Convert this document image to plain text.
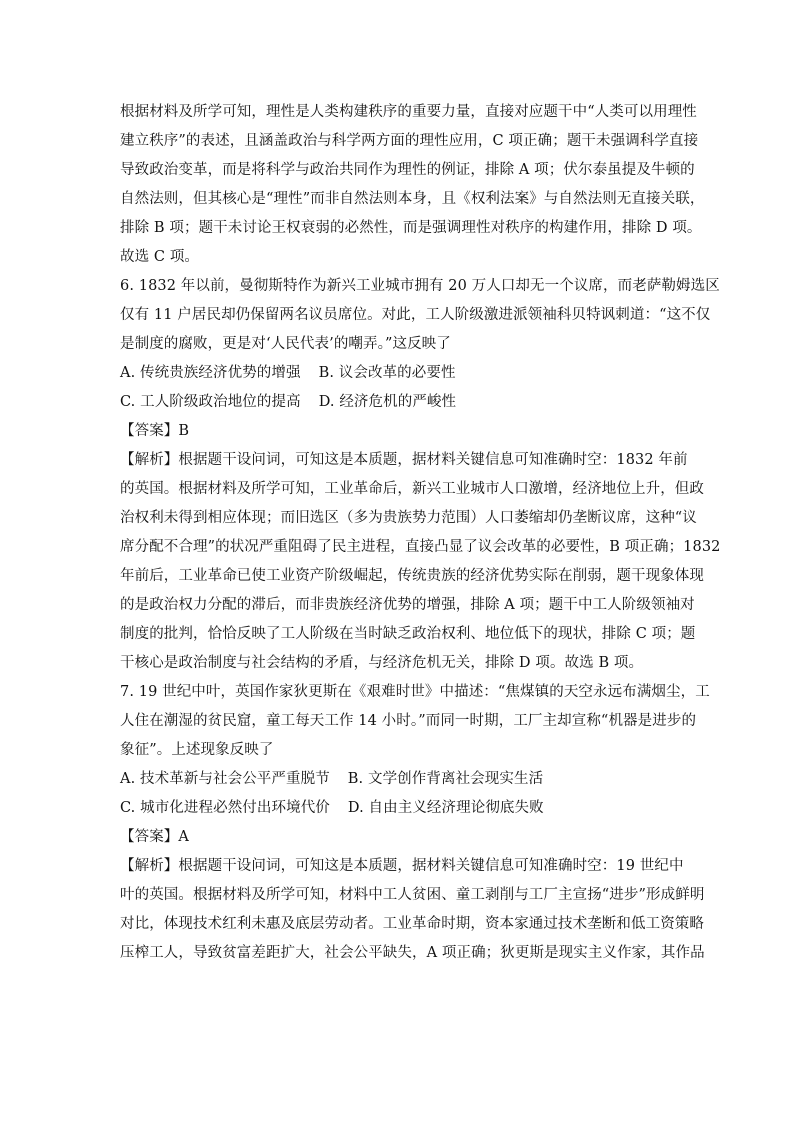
根据材料及所学可知，理性是人类构建秩序的重要力量，直接对应题干中“人类可以用理性
建立秩序”的表述，且涵盖政治与科学两方面的理性应用，C 项正确；题干未强调科学直接
导致政治变革，而是将科学与政治共同作为理性的例证，排除 A 项；伏尔泰虽提及牛顿的
自然法则，但其核心是“理性”而非自然法则本身，且《权利法案》与自然法则无直接关联，
排除 B 项；题干未讨论王权衰弱的必然性，而是强调理性对秩序的构建作用，排除 D 项。
故选 C 项。
6. 1832 年以前，曼彻斯特作为新兴工业城市拥有 20 万人口却无一个议席，而老萨勒姆选区
仅有 11 户居民却仍保留两名议员席位。对此，工人阶级激进派领袖科贝特讽刺道：“这不仅
是制度的腐败，更是对‘人民代表’的嘲弄。”这反映了
A. 传统贵族经济优势的增强 B. 议会改革的必要性
C. 工人阶级政治地位的提高 D. 经济危机的严峻性
【答案】B
【解析】根据题干设问词，可知这是本质题，据材料关键信息可知准确时空：1832 年前
的英国。根据材料及所学可知，工业革命后，新兴工业城市人口激增，经济地位上升，但政
治权利未得到相应体现；而旧选区（多为贵族势力范围）人口萎缩却仍垄断议席，这种“议
席分配不合理”的状况严重阻碍了民主进程，直接凸显了议会改革的必要性，B 项正确；1832
年前后，工业革命已使工业资产阶级崛起，传统贵族的经济优势实际在削弱，题干现象体现
的是政治权力分配的滞后，而非贵族经济优势的增强，排除 A 项；题干中工人阶级领袖对
制度的批判，恰恰反映了工人阶级在当时缺乏政治权利、地位低下的现状，排除 C 项；题
干核心是政治制度与社会结构的矛盾，与经济危机无关，排除 D 项。故选 B 项。
7. 19 世纪中叶，英国作家狄更斯在《艰难时世》中描述：“焦煤镇的天空永远布满烟尘，工
人住在潮湿的贫民窟，童工每天工作 14 小时。”而同一时期，工厂主却宣称“机器是进步的
象征”。上述现象反映了
A. 技术革新与社会公平严重脱节 B. 文学创作背离社会现实生活
C. 城市化进程必然付出环境代价 D. 自由主义经济理论彻底失败
【答案】A
【解析】根据题干设问词，可知这是本质题，据材料关键信息可知准确时空：19 世纪中
叶的英国。根据材料及所学可知，材料中工人贫困、童工剥削与工厂主宣扬“进步”形成鲜明
对比，体现技术红利未惠及底层劳动者。工业革命时期，资本家通过技术垄断和低工资策略
压榨工人，导致贫富差距扩大，社会公平缺失，A 项正确；狄更斯是现实主义作家，其作品
